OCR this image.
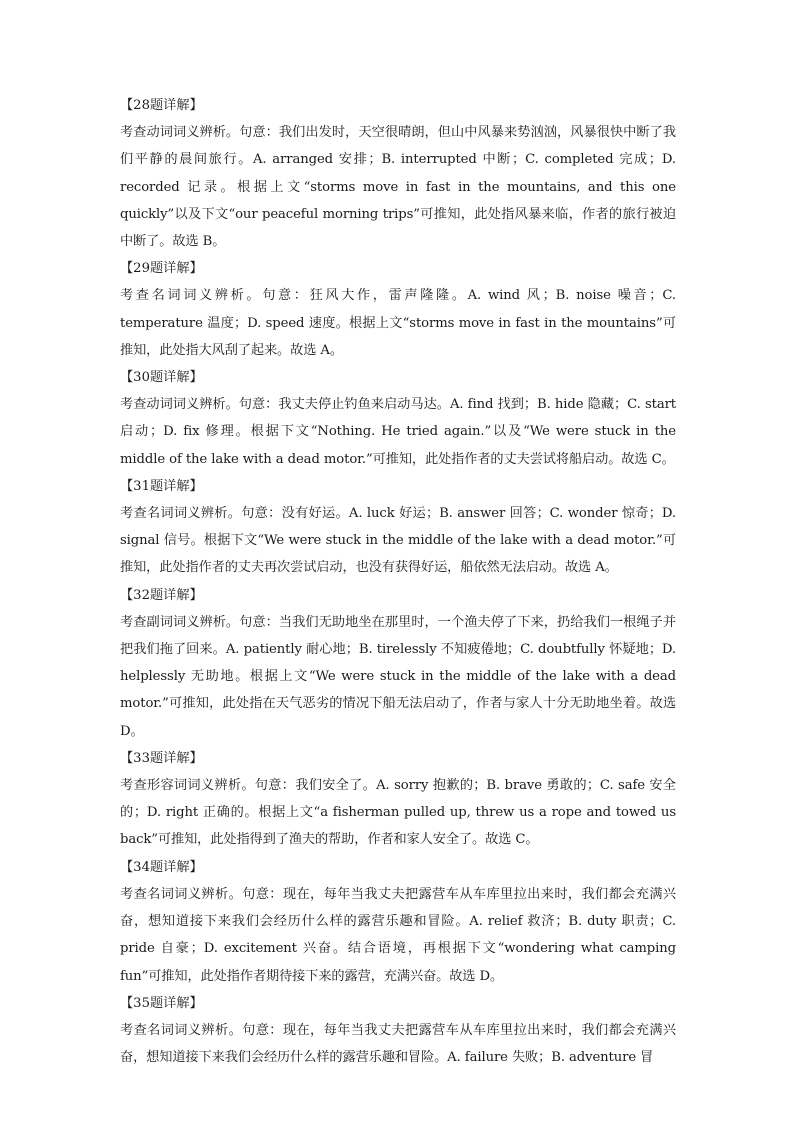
【28题详解】
考查动词词义辨析。句意：我们出发时，天空很晴朗，但山中风暴来势汹汹，风暴很快中断了我们平静的晨间旅行。A. arranged 安排；B. interrupted 中断；C. completed 完成；D. recorded 记录。根据上文“storms move in fast in the mountains, and this one quickly”以及下文“our peaceful morning trips”可推知，此处指风暴来临，作者的旅行被迫中断了。故选 B。
【29题详解】
考查名词词义辨析。句意：狂风大作，雷声隆隆。A. wind 风；B. noise 噪音；C. temperature 温度；D. speed 速度。根据上文“storms move in fast in the mountains”可推知，此处指大风刮了起来。故选 A。
【30题详解】
考查动词词义辨析。句意：我丈夫停止钓鱼来启动马达。A. find 找到；B. hide 隐藏；C. start 启动；D. fix 修理。根据下文“Nothing. He tried again.”以及“We were stuck in the middle of the lake with a dead motor.”可推知，此处指作者的丈夫尝试将船启动。故选 C。
【31题详解】
考查名词词义辨析。句意：没有好运。A. luck 好运；B. answer 回答；C. wonder 惊奇；D. signal 信号。根据下文“We were stuck in the middle of the lake with a dead motor.”可推知，此处指作者的丈夫再次尝试启动，也没有获得好运，船依然无法启动。故选 A。
【32题详解】
考查副词词义辨析。句意：当我们无助地坐在那里时，一个渔夫停了下来，扔给我们一根绳子并把我们拖了回来。A. patiently 耐心地；B. tirelessly 不知疲倦地；C. doubtfully 怀疑地；D. helplessly 无助地。根据上文“We were stuck in the middle of the lake with a dead motor.”可推知，此处指在天气恶劣的情况下船无法启动了，作者与家人十分无助地坐着。故选 D。
【33题详解】
考查形容词词义辨析。句意：我们安全了。A. sorry 抱歉的；B. brave 勇敢的；C. safe 安全的；D. right 正确的。根据上文“a fisherman pulled up, threw us a rope and towed us back”可推知，此处指得到了渔夫的帮助，作者和家人安全了。故选 C。
【34题详解】
考查名词词义辨析。句意：现在，每年当我丈夫把露营车从车库里拉出来时，我们都会充满兴奋，想知道接下来我们会经历什么样的露营乐趣和冒险。A. relief 救济；B. duty 职责；C. pride 自豪；D. excitement 兴奋。结合语境，再根据下文“wondering what camping fun”可推知，此处指作者期待接下来的露营，充满兴奋。故选 D。
【35题详解】
考查名词词义辨析。句意：现在，每年当我丈夫把露营车从车库里拉出来时，我们都会充满兴奋，想知道接下来我们会经历什么样的露营乐趣和冒险。A. failure 失败；B. adventure 冒
